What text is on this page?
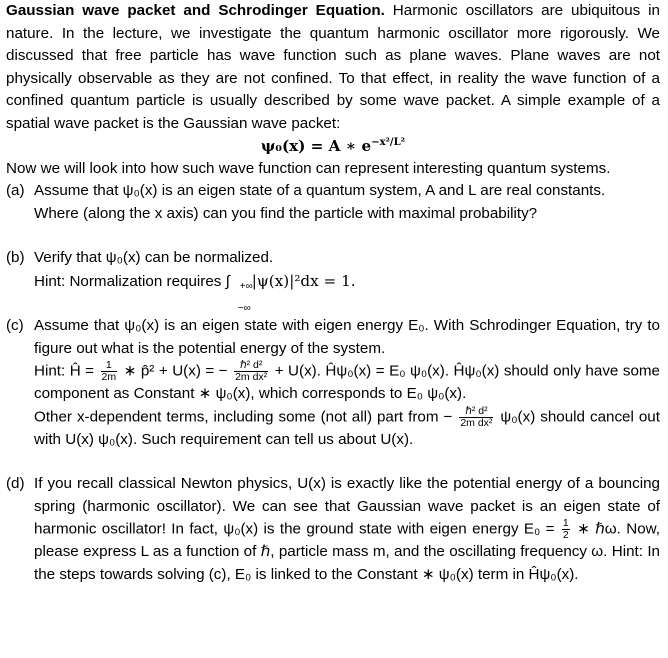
Gaussian wave packet and Schrodinger Equation. Harmonic oscillators are ubiquitous in nature. In the lecture, we investigate the quantum harmonic oscillator more rigorously. We discussed that free particle has wave function such as plane waves. Plane waves are not physically observable as they are not confined. To that effect, in reality the wave function of a confined quantum particle is usually described by some wave packet. A simple example of a spatial wave packet is the Gaussian wave packet:

ψ₀(x) = A ∗ $e^{-x^2/L^2}$

Now we will look into how such wave function can represent interesting quantum systems.

(a) Assume that ψ₀(x) is an eigen state of a quantum system, A and L are real constants.
Where (along the x axis) can you find the particle with maximal probability?
(b) Verify that ψ₀(x) can be normalized.
Hint: Normalization requires ∫ +∞
−∞
|ψ(x)|²dx = 1.
(c) Assume that ψ₀(x) is an eigen state with eigen energy E₀. With Schrodinger Equation, try to figure out what is the potential energy of the system.
Hint: Ĥ = $\frac{1}{2m}$ ∗ p̂² + U(x) = − $\frac{\text{ℏ² d²}}{\text{2m dx²}} + U(x)$. Ĥψ₀(x) = E₀ ψ₀(x). Ĥψ₀(x) should only have some component as Constant ∗ ψ₀(x), which corresponds to E₀ ψ₀(x).
Other x-dependent terms, including some (not all) part from − $\frac{\text{ℏ² d²}}{\text{2m dx²}} \psi_0(x)$ should cancel out with U(x) ψ₀(x). Such requirement can tell us about U(x).
(d) If you recall classical Newton physics, U(x) is exactly like the potential energy of a bouncing spring (harmonic oscillator). We can see that Gaussian wave packet is an eigen state of harmonic oscillator! In fact, ψ₀(x) is the ground state with eigen energy $E_0 = \frac{1}{2}$ ∗ ℏω. Now, please express L as a function of ℏ, particle mass m, and the oscillating frequency ω. Hint: In the steps towards solving (c), E₀ is linked to the Constant ∗ ψ₀(x) term in Ĥψ₀(x).
